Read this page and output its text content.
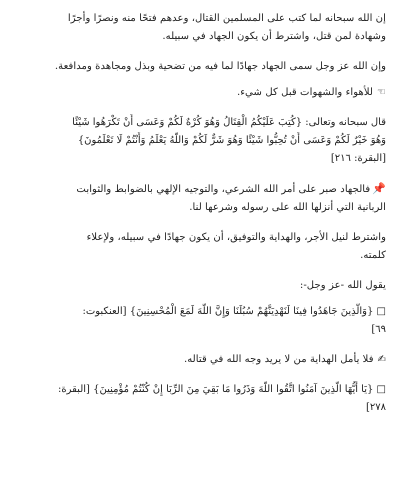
إن الله سبحانه لما كتب على المسلمين القتال، وعدهم فتحًا منه ونصرًا وأجرًا
وشهادة لمن قتل، واشترط أن يكون الجهاد في سبيله.
وإن الله عز وجل سمى الجهاد جهادًا لما فيه من تضحية وبذل ومجاهدة ومدافعة.
☜للأهواء والشهوات قبل كل شيء.
قال سبحانه وتعالى: {كُتِبَ عَلَيْكُمُ الْقِتَالُ وَهُوَ كُرْهٌ لَكُمْ وَعَسَى أَنْ تَكْرَهُوا شَيْئًا
وَهُوَ خَيْرٌ لَكُمْ وَعَسَى أَنْ تُحِبُّوا شَيْئًا وَهُوَ شَرٌّ لَكُمْ وَاللَّهُ يَعْلَمُ وَأَنْتُمْ لَا تَعْلَمُونَ}
[البقرة: ٢١٦]
📌فالجهاد صبر على أمر الله الشرعي، والتوجيه الإلهي بالضوابط والثوابت
الربانية التي أنزلها الله على رسوله وشرعها لنا.
واشترط لنيل الأجر، والهداية والتوفيق، أن يكون جهادًا في سبيله، ولإعلاء
كلمته.
يقول الله -عز وجل-:
□ {وَالَّذِينَ جَاهَدُوا فِينَا لَنَهْدِيَنَّهُمْ سُبُلَنَا وَإِنَّ اللَّهَ لَمَعَ الْمُحْسِنِينَ} [العنكبوت:
٦٩]
✍فلا يأمل الهداية من لا يريد وجه الله في قتاله.
□ {يَا أَيُّهَا الَّذِينَ آمَنُوا اتَّقُوا اللَّهَ وَذَرُوا مَا بَقِيَ مِنَ الرِّبَا إِنْ كُنْتُمْ مُؤْمِنِينَ} [البقرة:
٢٧٨]
